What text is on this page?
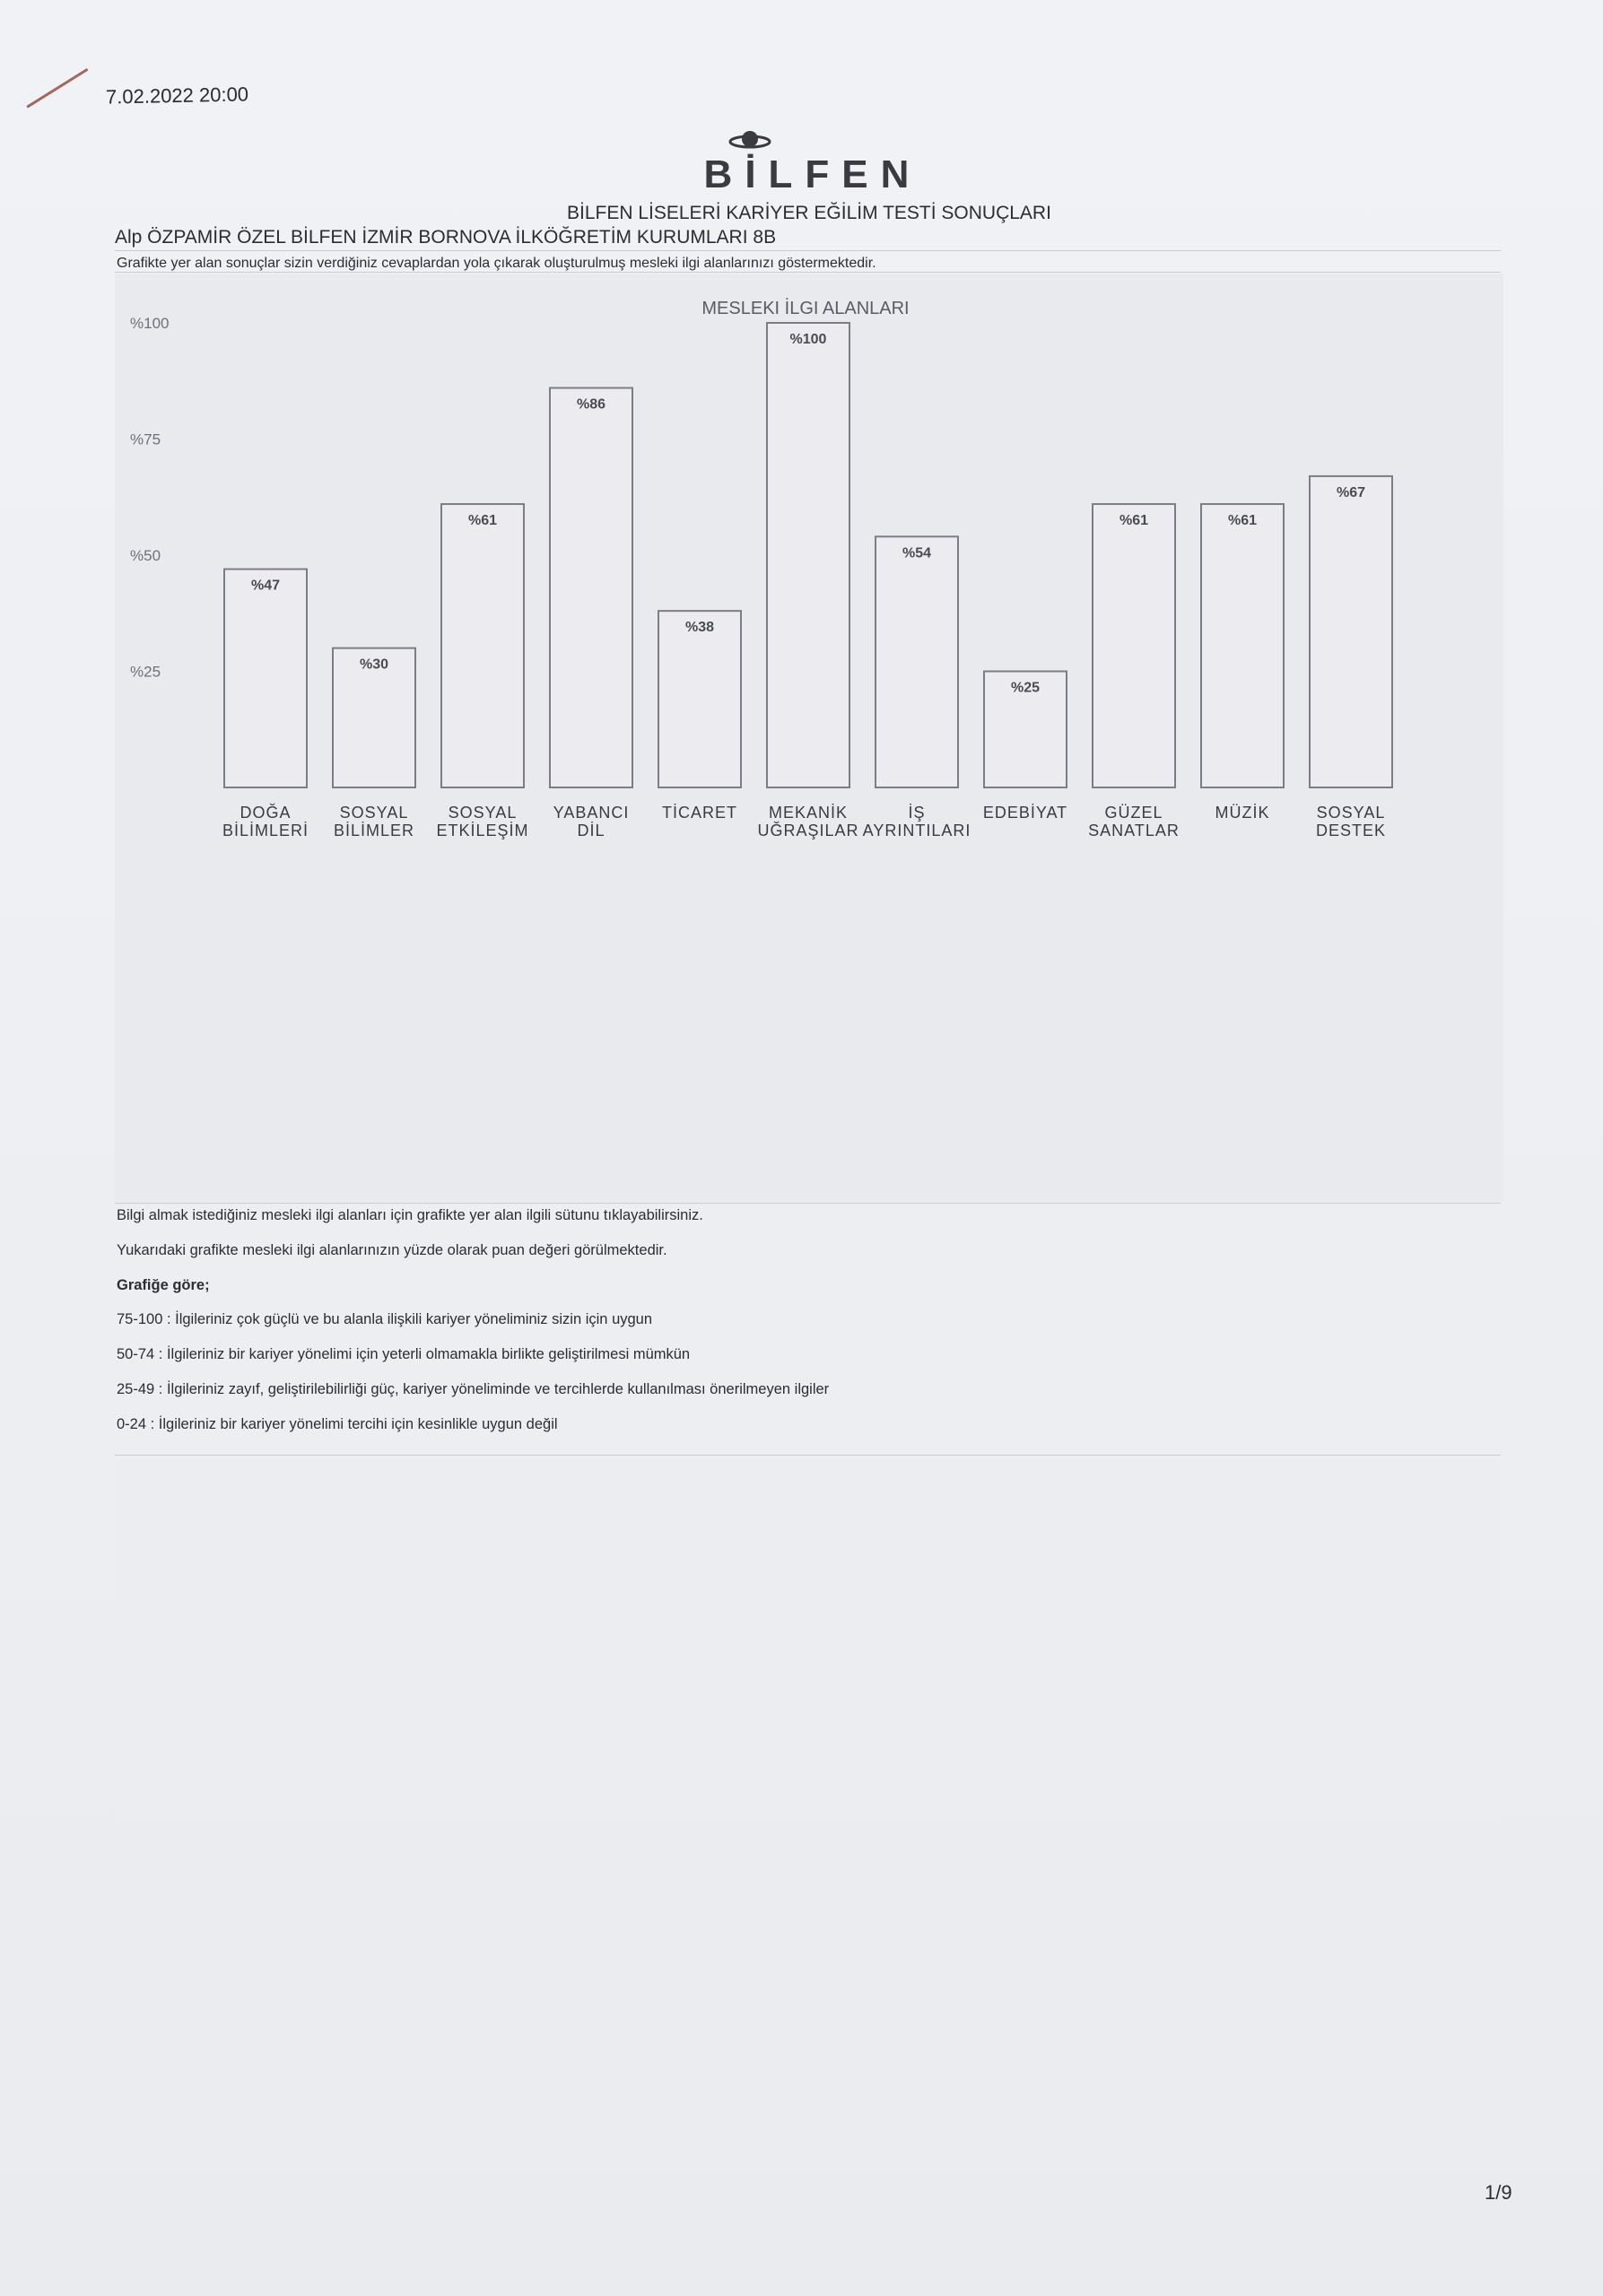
7.02.2022 20:00
BİLFEN
BİLFEN LİSELERİ KARİYER EĞİLİM TESTİ SONUÇLARI
Alp ÖZPAMİR ÖZEL BİLFEN İZMİR BORNOVA İLKÖĞRETİM KURUMLARI 8B
Grafikte yer alan sonuçlar sizin verdiğiniz cevaplardan yola çıkarak oluşturulmuş mesleki ilgi alanlarınızı göstermektedir.
MESLEKI İLGI ALANLARI
%100
%75
%50
%25
%47
%30
%61
%86
%38
%100
%54
%25
%61	%61
%67
DOĞA
BİLİMLERİ
SOSYAL
BİLİMLER
SOSYAL
ETKİLEŞİM
YABANCI
DİL
TİCARET MEKANİK
UĞRAŞILAR
İŞ
AYRINTILARI
EDEBİYAT GÜZEL
SANATLAR
MÜZİK	SOSYAL
DESTEK
Bilgi almak istediğiniz mesleki ilgi alanları için grafikte yer alan ilgili sütunu tıklayabilirsiniz.
Yukarıdaki grafikte mesleki ilgi alanlarınızın yüzde olarak puan değeri görülmektedir.
Grafiğe göre;
75-100 : İlgileriniz çok güçlü ve bu alanla ilişkili kariyer yöneliminiz sizin için uygun
50-74 : İlgileriniz bir kariyer yönelimi için yeterli olmamakla birlikte geliştirilmesi mümkün
25-49 : İlgileriniz zayıf, geliştirilebilirliği güç, kariyer yöneliminde ve tercihlerde kullanılması önerilmeyen ilgiler
0-24 : İlgileriniz bir kariyer yönelimi tercihi için kesinlikle uygun değil
1/9
